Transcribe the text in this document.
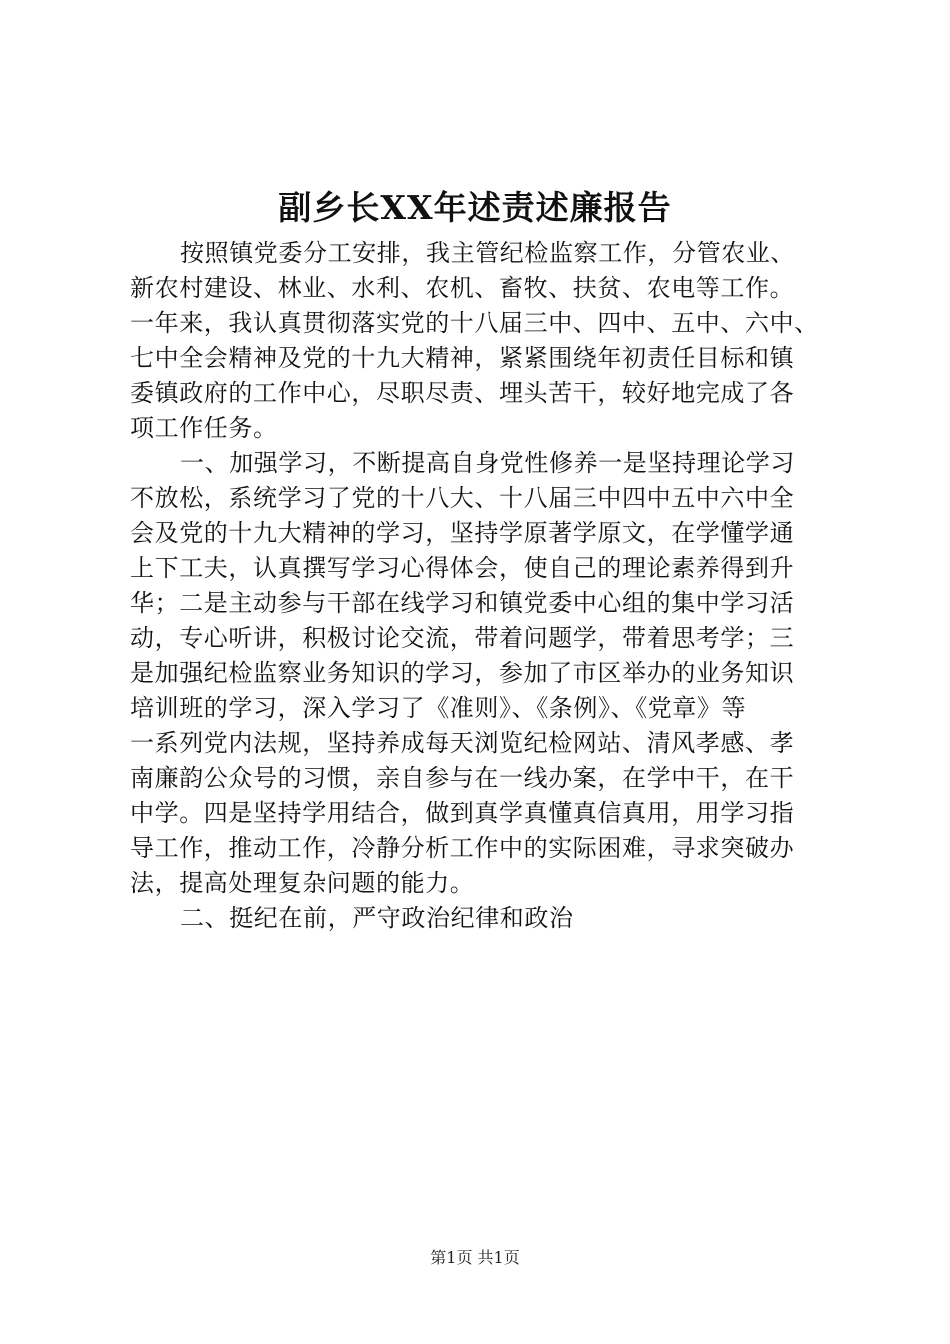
副乡长XX年述责述廉报告
按照镇党委分工安排，我主管纪检监察工作，分管农业、
新农村建设、林业、水利、农机、畜牧、扶贫、农电等工作。
一年来，我认真贯彻落实党的十八届三中、四中、五中、六中、
七中全会精神及党的十九大精神，紧紧围绕年初责任目标和镇
委镇政府的工作中心，尽职尽责、埋头苦干，较好地完成了各
项工作任务。
一、加强学习，不断提高自身党性修养一是坚持理论学习
不放松，系统学习了党的十八大、十八届三中四中五中六中全
会及党的十九大精神的学习，坚持学原著学原文，在学懂学通
上下工夫，认真撰写学习心得体会，使自己的理论素养得到升
华；二是主动参与干部在线学习和镇党委中心组的集中学习活
动，专心听讲，积极讨论交流，带着问题学，带着思考学；三
是加强纪检监察业务知识的学习，参加了市区举办的业务知识
培训班的学习，深入学习了《准则》、《条例》、《党章》等
一系列党内法规，坚持养成每天浏览纪检网站、清风孝感、孝
南廉韵公众号的习惯，亲自参与在一线办案，在学中干，在干
中学。四是坚持学用结合，做到真学真懂真信真用，用学习指
导工作，推动工作，冷静分析工作中的实际困难，寻求突破办
法，提高处理复杂问题的能力。
二、挺纪在前，严守政治纪律和政治
第1页 共1页
